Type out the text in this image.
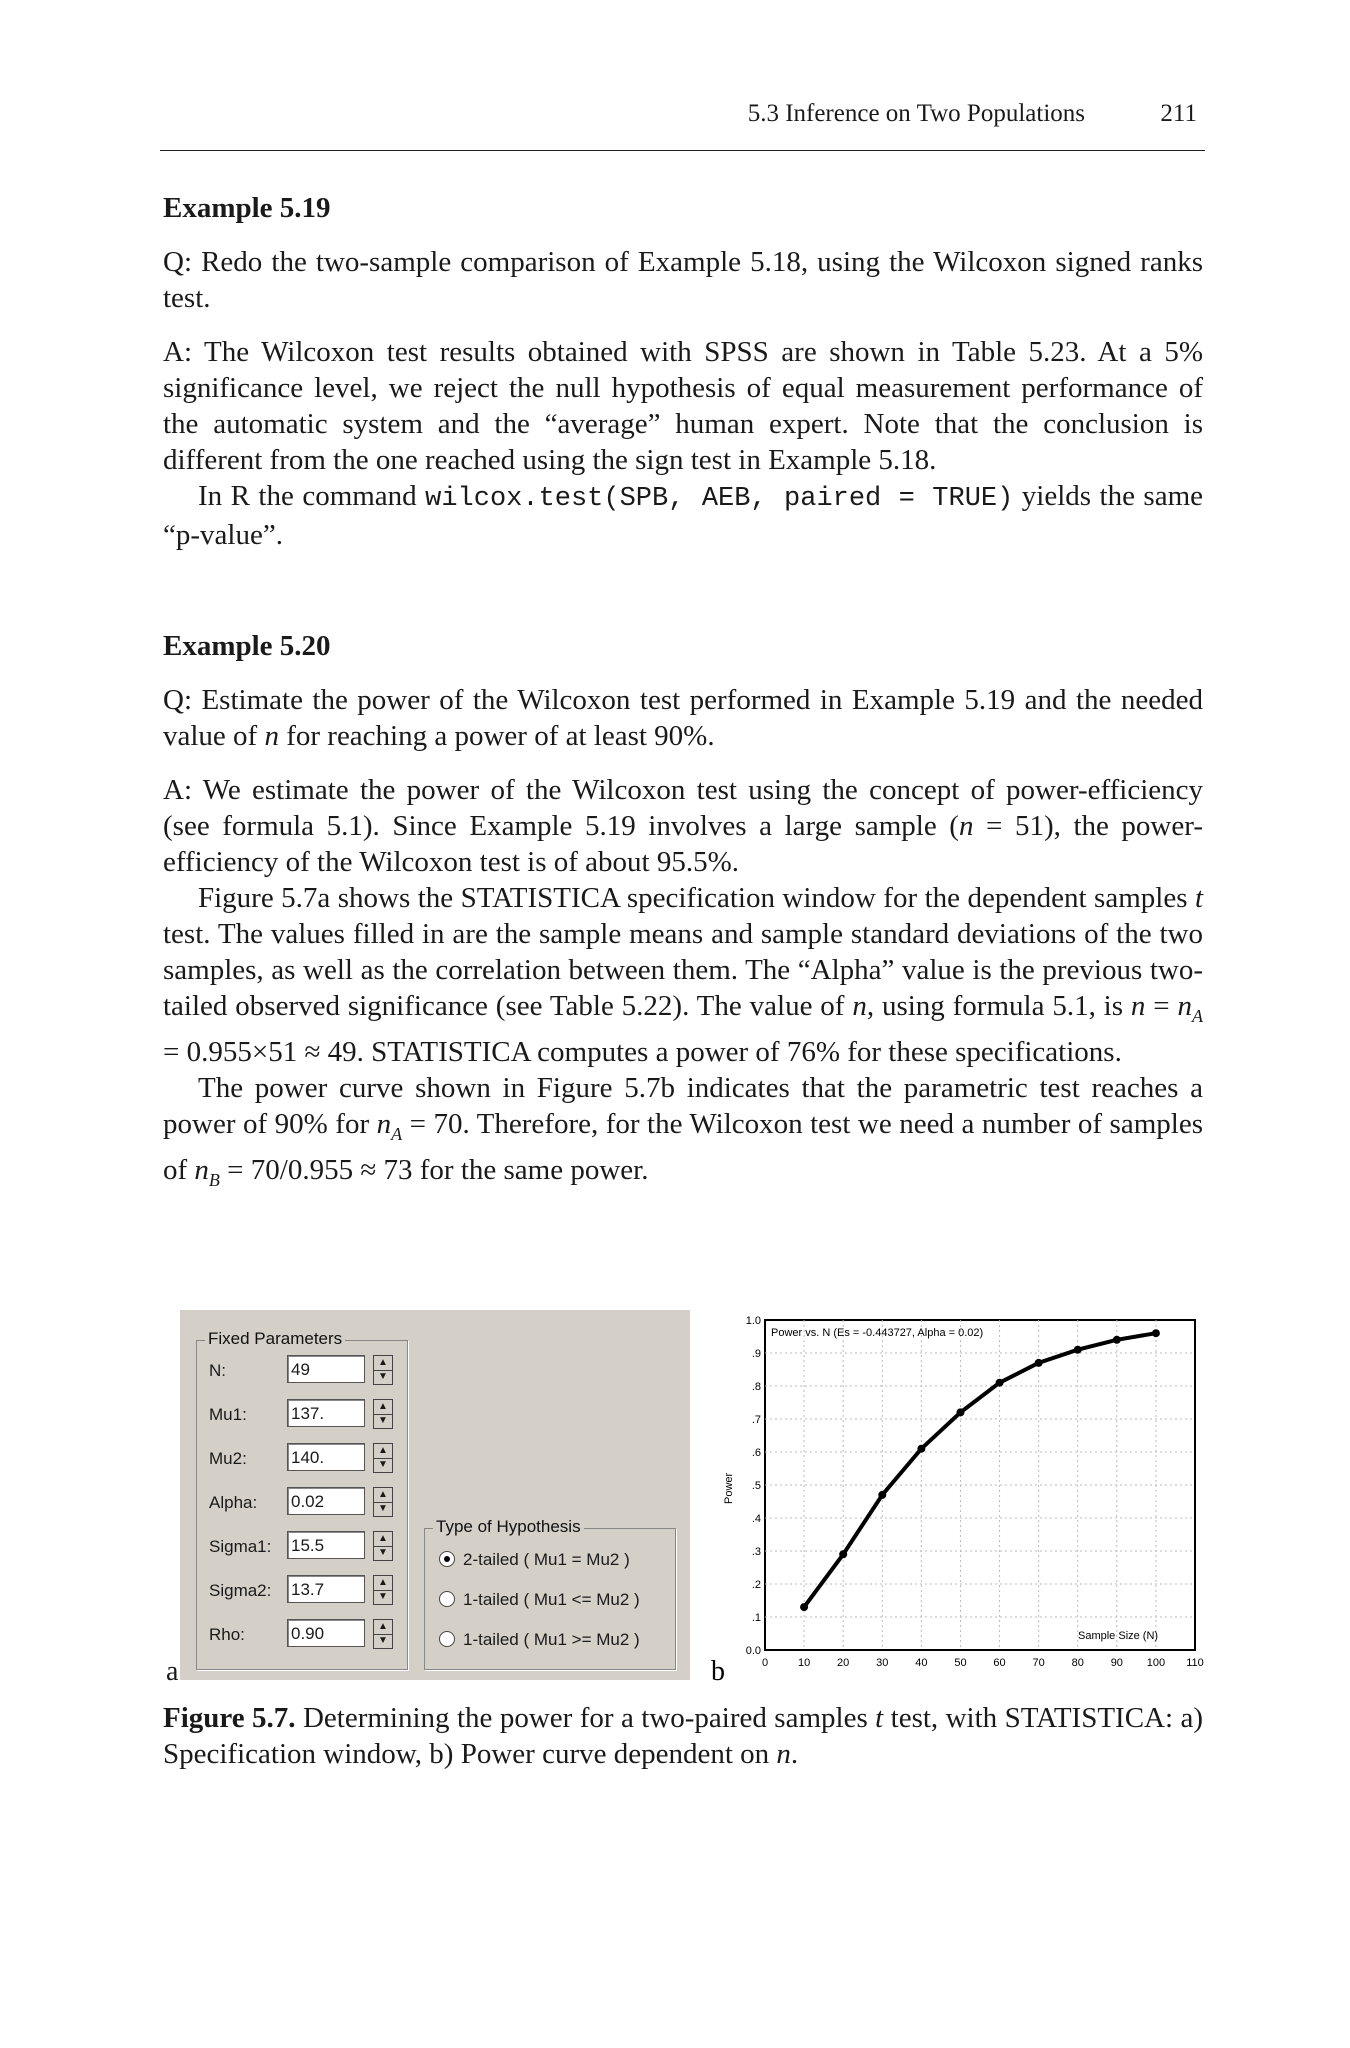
5.3 Inference on Two Populations	211
Example 5.19
Q: Redo the two-sample comparison of Example 5.18, using the Wilcoxon signed ranks test.
A: The Wilcoxon test results obtained with SPSS are shown in Table 5.23. At a 5% significance level, we reject the null hypothesis of equal measurement performance of the automatic system and the “average” human expert. Note that the conclusion is different from the one reached using the sign test in Example 5.18.
In R the command wilcox.test(SPB, AEB, paired = TRUE) yields the same “p-value”.
Example 5.20
Q: Estimate the power of the Wilcoxon test performed in Example 5.19 and the needed value of n for reaching a power of at least 90%.
A: We estimate the power of the Wilcoxon test using the concept of power-efficiency (see formula 5.1). Since Example 5.19 involves a large sample (n = 51), the power-efficiency of the Wilcoxon test is of about 95.5%.
Figure 5.7a shows the STATISTICA specification window for the dependent samples t test. The values filled in are the sample means and sample standard deviations of the two samples, as well as the correlation between them. The “Alpha” value is the previous two-tailed observed significance (see Table 5.22). The value of n, using formula 5.1, is $n = n_A = 0.955\times 51 \approx 49$. STATISTICA computes a power of 76% for these specifications.
The power curve shown in Figure 5.7b indicates that the parametric test reaches a power of 90% for $n_A = 70$. Therefore, for the Wilcoxon test we need a number of samples of $n_B = 70/0.955 \approx 73$ for the same power.
Fixed Parameters
N:	49	▲
▼
Mu1:	137.	▲
▼
Mu2:	140.	▲
▼
Alpha: 0.02	▲
▼
Sigma1: 15.5	▲
▼
Sigma2: 13.7	▲
▼
Rho:	0.90	▲
▼
Type of Hypothesis
2-tailed ( Mu1 = Mu2 )
1-tailed ( Mu1 <= Mu2 )
1-tailed ( Mu1 >= Mu2 )
a
0.0
.1
.2
.3
.4
.5
.6
.7
.8
.9
1.0
0	10 20 30 40 50 60 70 80 90 100 110
Power vs. N (Es = -0.443727, Alpha = 0.02)
Sample Size (N)
Power
b
Figure 5.7. Determining the power for a two-paired samples t test, with STATISTICA: a) Specification window, b) Power curve dependent on n.
